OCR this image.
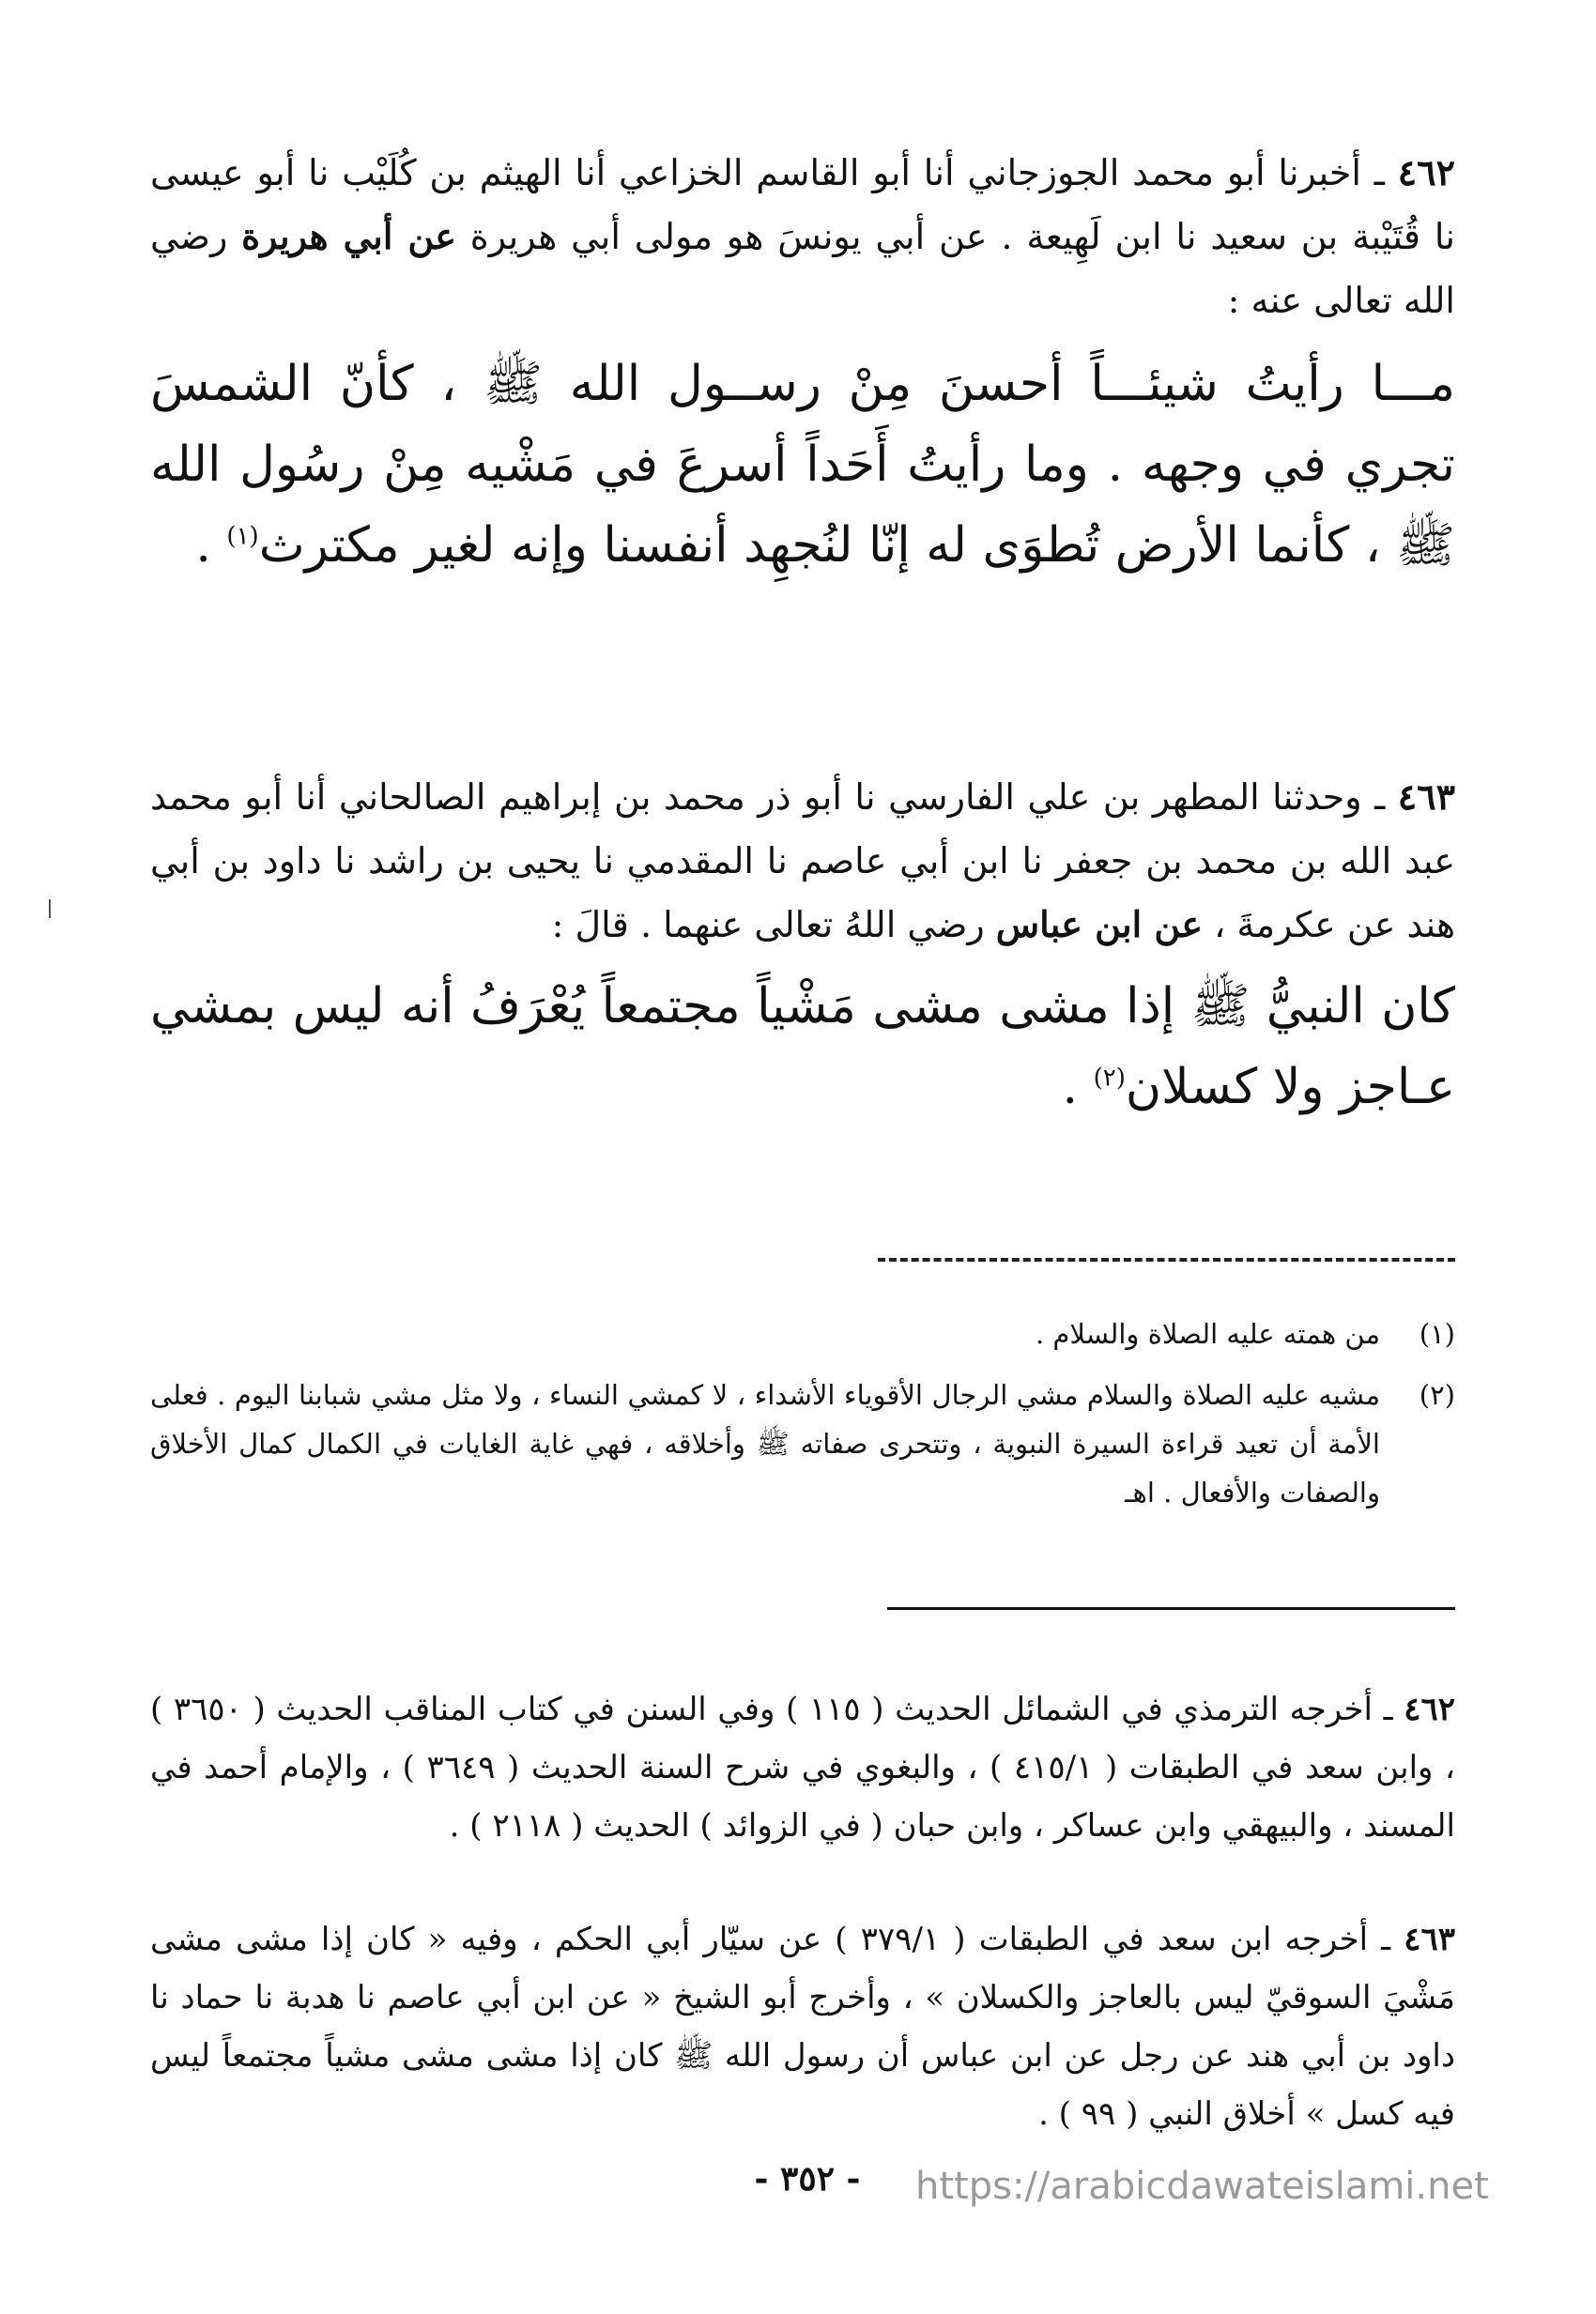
٤٦٢ ـ أخبرنا أبو محمد الجوزجاني أنا أبو القاسم الخزاعي أنا الهيثم بن كُلَيْب نا أبو عيسى نا قُتَيْبة بن سعيد نا ابن لَهِيعة . عن أبي يونسَ هو مولى أبي هريرة عن أبي هريرة رضي الله تعالى عنه :

مـــا رأيتُ شيئـــاً أحسنَ مِنْ رســول الله ﷺ ، كأنّ الشمسَ تجري في وجهه . وما رأيتُ أَحَداً أسرعَ في مَشْيه مِنْ رسُول الله ﷺ ، كأنما الأرض تُطوَى له إنّا لنُجهِد أنفسنا وإنه لغير مكترث$^{(١)}$ .

٤٦٣ ـ وحدثنا المطهر بن علي الفارسي نا أبو ذر محمد بن إبراهيم الصالحاني أنا أبو محمد عبد الله بن محمد بن جعفر نا ابن أبي عاصم نا المقدمي نا يحيى بن راشد نا داود بن أبي هند عن عكرمةَ ، عن ابن عباس رضي اللهُ تعالى عنهما . قالَ :

كان النبيُّ ﷺ إذا مشى مشى مَشْياً مجتمعاً يُعْرَفُ أنه ليس بمشي عـاجز ولا كسلان$^{(٢)}$ .

(١)
من همته عليه الصلاة والسلام .
(٢)
مشيه عليه الصلاة والسلام مشي الرجال الأقوياء الأشداء ، لا كمشي النساء ، ولا مثل مشي شبابنا اليوم . فعلى الأمة أن تعيد قراءة السيرة النبوية ، وتتحرى صفاته ﷺ وأخلاقه ، فهي غاية الغايات في الكمال كمال الأخلاق والصفات والأفعال . اهـ

٤٦٢ ـ أخرجه الترمذي في الشمائل الحديث ( ١١٥ ) وفي السنن في كتاب المناقب الحديث ( ٣٦٥٠ ) ، وابن سعد في الطبقات ( ٤١٥/١ ) ، والبغوي في شرح السنة الحديث ( ٣٦٤٩ ) ، والإمام أحمد في المسند ، والبيهقي وابن عساكر ، وابن حبان ( في الزوائد ) الحديث ( ٢١١٨ ) .

٤٦٣ ـ أخرجه ابن سعد في الطبقات ( ٣٧٩/١ ) عن سيّار أبي الحكم ، وفيه « كان إذا مشى مشى مَشْيَ السوقيّ ليس بالعاجز والكسلان » ، وأخرج أبو الشيخ « عن ابن أبي عاصم نا هدبة نا حماد نا داود بن أبي هند عن رجل عن ابن عباس أن رسول الله ﷺ كان إذا مشى مشى مشياً مجتمعاً ليس فيه كسل » أخلاق النبي ( ٩٩ ) .

- ٣٥٢ -	https://arabicdawateislami.net
